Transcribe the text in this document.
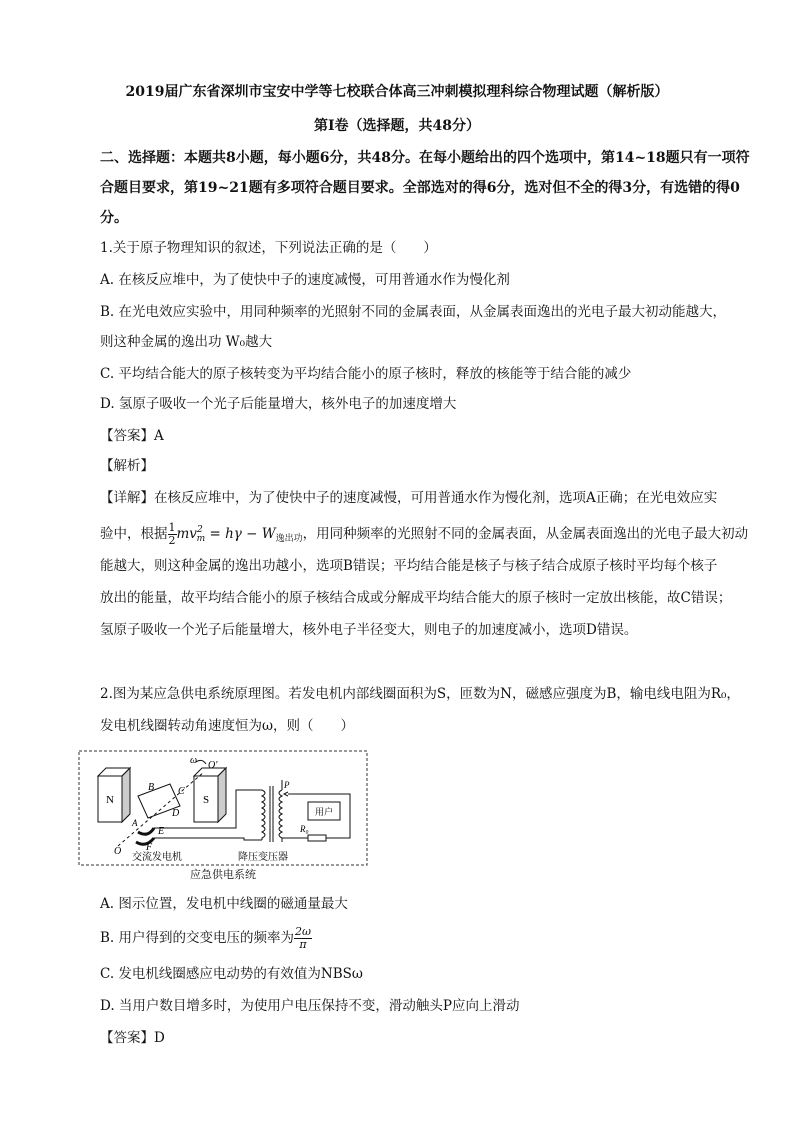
2019届广东省深圳市宝安中学等七校联合体高三冲刺模拟理科综合物理试题（解析版）
第I卷（选择题，共48分）
二、选择题：本题共8小题，每小题6分，共48分。在每小题给出的四个选项中，第14~18题只有一项符
合题目要求，第19~21题有多项符合题目要求。全部选对的得6分，选对但不全的得3分，有选错的得0
分。
1.关于原子物理知识的叙述，下列说法正确的是（　　）
A. 在核反应堆中，为了使快中子的速度减慢，可用普通水作为慢化剂
B. 在光电效应实验中，用同种频率的光照射不同的金属表面，从金属表面逸出的光电子最大初动能越大，
则这种金属的逸出功 W₀越大
C. 平均结合能大的原子核转变为平均结合能小的原子核时，释放的核能等于结合能的减少
D. 氢原子吸收一个光子后能量增大，核外电子的加速度增大
【答案】A
【解析】
【详解】在核反应堆中，为了使快中子的速度减慢，可用普通水作为慢化剂，选项A正确；在光电效应实
验中，根据 $\frac{1}{2} mv^2_m = h\gamma - W_{逸出功}$，用同种频率的光照射不同的金属表面，从金属表面逸出的光电子最大初动
能越大，则这种金属的逸出功越小，选项B错误；平均结合能是核子与核子结合成原子核时平均每个核子
放出的能量，故平均结合能小的原子核结合成或分解成平均结合能大的原子核时一定放出核能，故C错误；
氢原子吸收一个光子后能量增大，核外电子半径变大，则电子的加速度减小，选项D错误。
2.图为某应急供电系统原理图。若发电机内部线圈面积为S，匝数为N，磁感应强度为B，输电线电阻为R₀，
发电机线圈转动角速度恒为ω，则（　　）
N	S
ω O'
O
A
B C
D
E
F
P
用户
R₀
交流发电机	降压变压器
应急供电系统
A. 图示位置，发电机中线圈的磁通量最大
B. 用户得到的交变电压的频率为 $\frac{2\omega}{\pi}$
C. 发电机线圈感应电动势的有效值为NBSω
D. 当用户数目增多时，为使用户电压保持不变，滑动触头P应向上滑动
【答案】D
